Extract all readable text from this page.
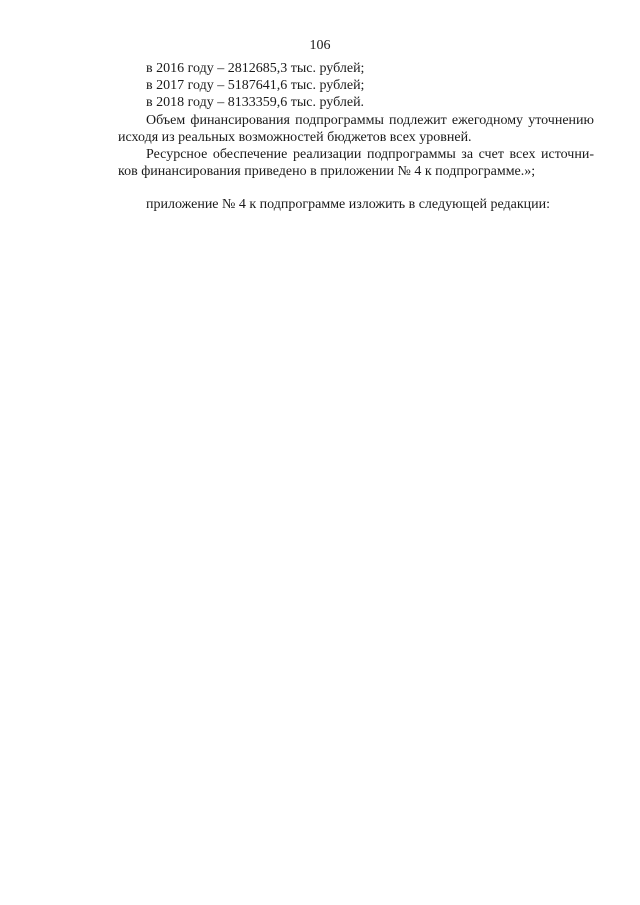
106
в 2016 году – 2812685,3 тыс. рублей;
в 2017 году – 5187641,6 тыс. рублей;
в 2018 году – 8133359,6 тыс. рублей.
Объем финансирования подпрограммы подлежит ежегодному уточнению
исходя из реальных возможностей бюджетов всех уровней.
Ресурсное обеспечение реализации подпрограммы за счет всех источни-
ков финансирования приведено в приложении № 4 к подпрограмме.»;
приложение № 4 к подпрограмме изложить в следующей редакции:
